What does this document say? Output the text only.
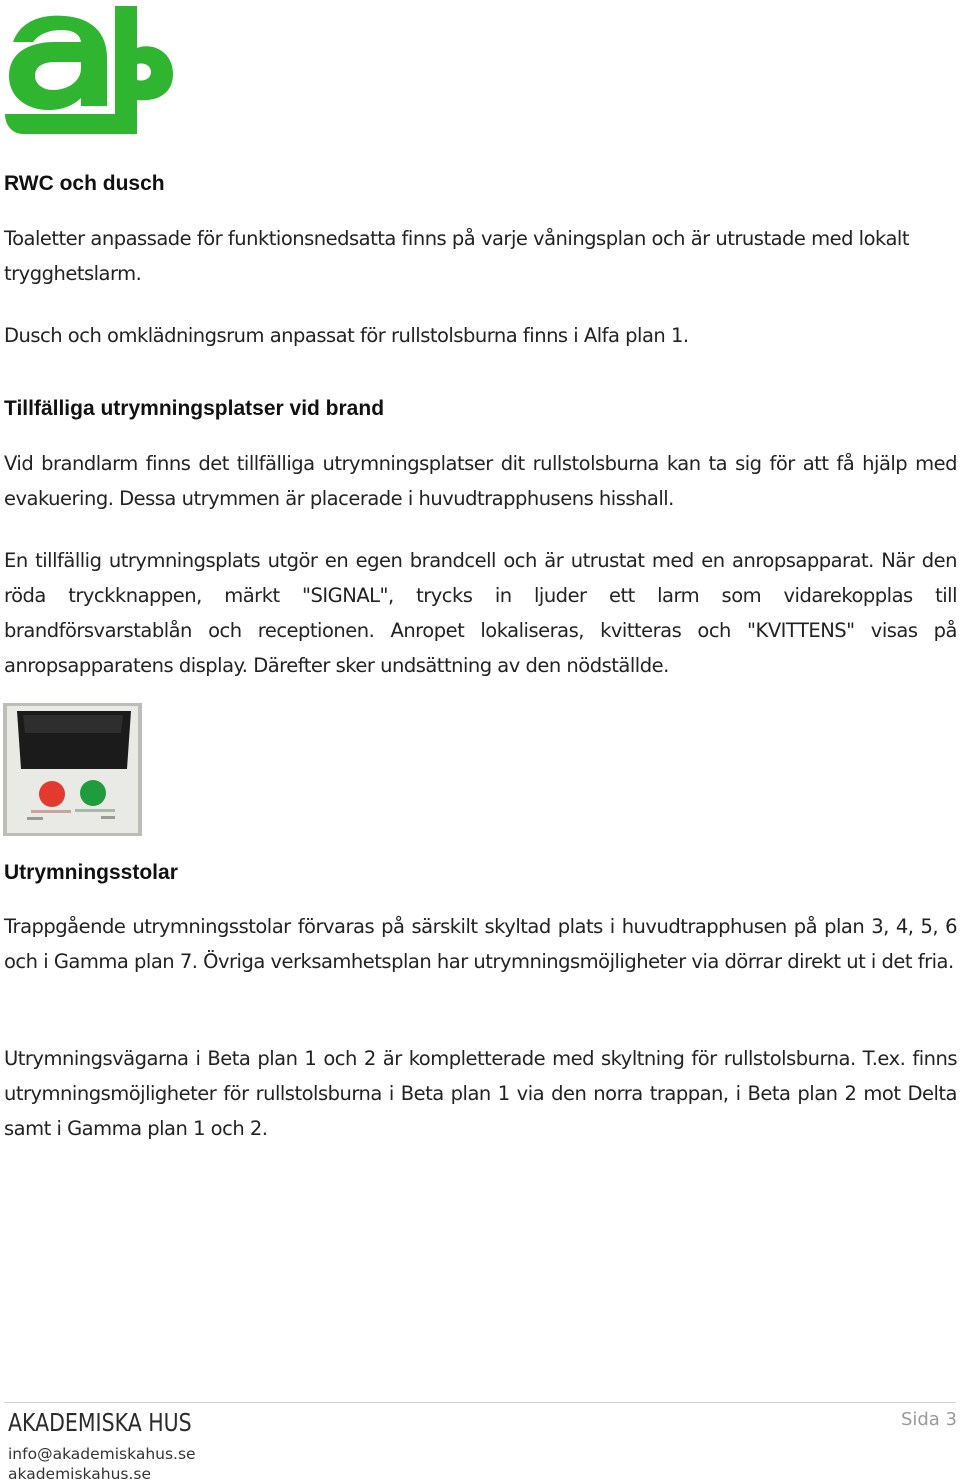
RWC och dusch

Toaletter anpassade för funktionsnedsatta finns på varje våningsplan och är utrustade med lokalt trygghetslarm.

Dusch och omklädningsrum anpassat för rullstolsburna finns i Alfa plan 1.

Tillfälliga utrymningsplatser vid brand

Vid brandlarm finns det tillfälliga utrymningsplatser dit rullstolsburna kan ta sig för att få hjälp med evakuering. Dessa utrymmen är placerade i huvudtrapphusens hisshall.

En tillfällig utrymningsplats utgör en egen brandcell och är utrustat med en anropsapparat. När den röda tryckknappen, märkt "SIGNAL", trycks in ljuder ett larm som vidarekopplas till brandförsvarstablån och receptionen. Anropet lokaliseras, kvitteras och "KVITTENS" visas på anropsapparatens display. Därefter sker undsättning av den nödställde.

Utrymningsstolar

Trappgående utrymningsstolar förvaras på särskilt skyltad plats i huvudtrapphusen på plan 3, 4, 5, 6 och i Gamma plan 7. Övriga verksamhetsplan har utrymningsmöjligheter via dörrar direkt ut i det fria.

Utrymningsvägarna i Beta plan 1 och 2 är kompletterade med skyltning för rullstolsburna. T.ex. finns utrymningsmöjligheter för rullstolsburna i Beta plan 1 via den norra trappan, i Beta plan 2 mot Delta samt i Gamma plan 1 och 2.

AKADEMISKA HUS
info@akademiskahus.se
akademiskahus.se
Sida 3
